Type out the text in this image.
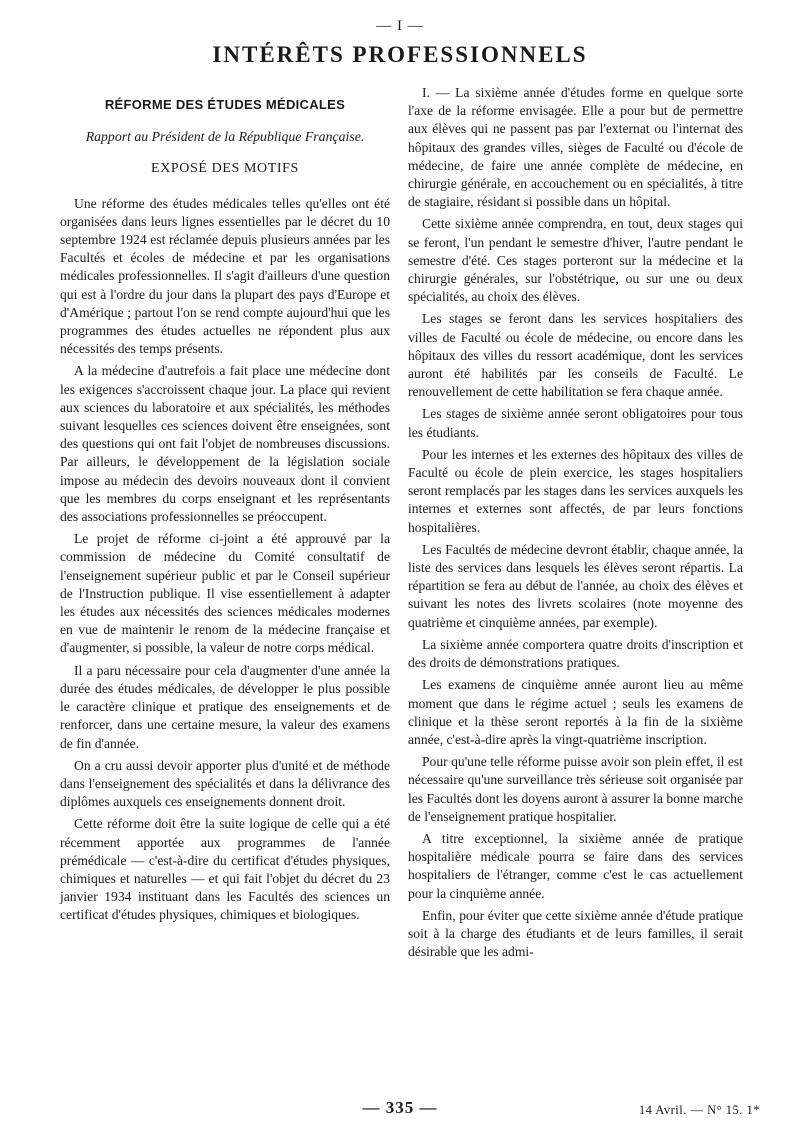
— I —
INTÉRÊTS PROFESSIONNELS
RÉFORME DES ÉTUDES MÉDICALES
Rapport au Président de la République Française.
EXPOSÉ DES MOTIFS

Une réforme des études médicales telles qu'elles ont été organisées dans leurs lignes essentielles par le décret du 10 septembre 1924 est réclamée depuis plusieurs années par les Facultés et écoles de médecine et par les organisations médicales professionnelles. Il s'agit d'ailleurs d'une question qui est à l'ordre du jour dans la plupart des pays d'Europe et d'Amérique ; partout l'on se rend compte aujourd'hui que les programmes des études actuelles ne répondent plus aux nécessités des temps présents.

A la médecine d'autrefois a fait place une médecine dont les exigences s'accroissent chaque jour. La place qui revient aux sciences du laboratoire et aux spécialités, les méthodes suivant lesquelles ces sciences doivent être enseignées, sont des questions qui ont fait l'objet de nombreuses discussions. Par ailleurs, le développement de la législation sociale impose au médecin des devoirs nouveaux dont il convient que les membres du corps enseignant et les représentants des associations professionnelles se préoccupent.

Le projet de réforme ci-joint a été approuvé par la commission de médecine du Comité consultatif de l'enseignement supérieur public et par le Conseil supérieur de l'Instruction publique. Il vise essentiellement à adapter les études aux nécessités des sciences médicales modernes en vue de maintenir le renom de la médecine française et d'augmenter, si possible, la valeur de notre corps médical.

Il a paru nécessaire pour cela d'augmenter d'une année la durée des études médicales, de développer le plus possible le caractère clinique et pratique des enseignements et de renforcer, dans une certaine mesure, la valeur des examens de fin d'année.

On a cru aussi devoir apporter plus d'unité et de méthode dans l'enseignement des spécialités et dans la délivrance des diplômes auxquels ces enseignements donnent droit.

Cette réforme doit être la suite logique de celle qui a été récemment apportée aux programmes de l'année prémédicale — c'est-à-dire du certificat d'études physiques, chimiques et naturelles — et qui fait l'objet du décret du 23 janvier 1934 instituant dans les Facultés des sciences un certificat d'études physiques, chimiques et biologiques.

I. — La sixième année d'études forme en quelque sorte l'axe de la réforme envisagée. Elle a pour but de permettre aux élèves qui ne passent pas par l'externat ou l'internat des hôpitaux des grandes villes, sièges de Faculté ou d'école de médecine, de faire une année complète de médecine, en chirurgie générale, en accouchement ou en spécialités, à titre de stagiaire, résidant si possible dans un hôpital.

Cette sixième année comprendra, en tout, deux stages qui se feront, l'un pendant le semestre d'hiver, l'autre pendant le semestre d'été. Ces stages porteront sur la médecine et la chirurgie générales, sur l'obstétrique, ou sur une ou deux spécialités, au choix des élèves.

Les stages se feront dans les services hospitaliers des villes de Faculté ou école de médecine, ou encore dans les hôpitaux des villes du ressort académique, dont les services auront été habilités par les conseils de Faculté. Le renouvellement de cette habilitation se fera chaque année.

Les stages de sixième année seront obligatoires pour tous les étudiants.

Pour les internes et les externes des hôpitaux des villes de Faculté ou école de plein exercice, les stages hospitaliers seront remplacés par les stages dans les services auxquels les internes et externes sont affectés, de par leurs fonctions hospitalières.

Les Facultés de médecine devront établir, chaque année, la liste des services dans lesquels les élèves seront répartis. La répartition se fera au début de l'année, au choix des élèves et suivant les notes des livrets scolaires (note moyenne des quatrième et cinquième années, par exemple).

La sixième année comportera quatre droits d'inscription et des droits de démonstrations pratiques.

Les examens de cinquième année auront lieu au même moment que dans le régime actuel ; seuls les examens de clinique et la thèse seront reportés à la fin de la sixième année, c'est-à-dire après la vingt-quatrième inscription.

Pour qu'une telle réforme puisse avoir son plein effet, il est nécessaire qu'une surveillance très sérieuse soit organisée par les Facultés dont les doyens auront à assurer la bonne marche de l'enseignement pratique hospitalier.

A titre exceptionnel, la sixième année de pratique hospitalière médicale pourra se faire dans des services hospitaliers de l'étranger, comme c'est le cas actuellement pour la cinquième année.

Enfin, pour éviter que cette sixième année d'étude pratique soit à la charge des étudiants et de leurs familles, il serait désirable que les admi-

— 335 —	14 Avril. — N° 15. 1*
